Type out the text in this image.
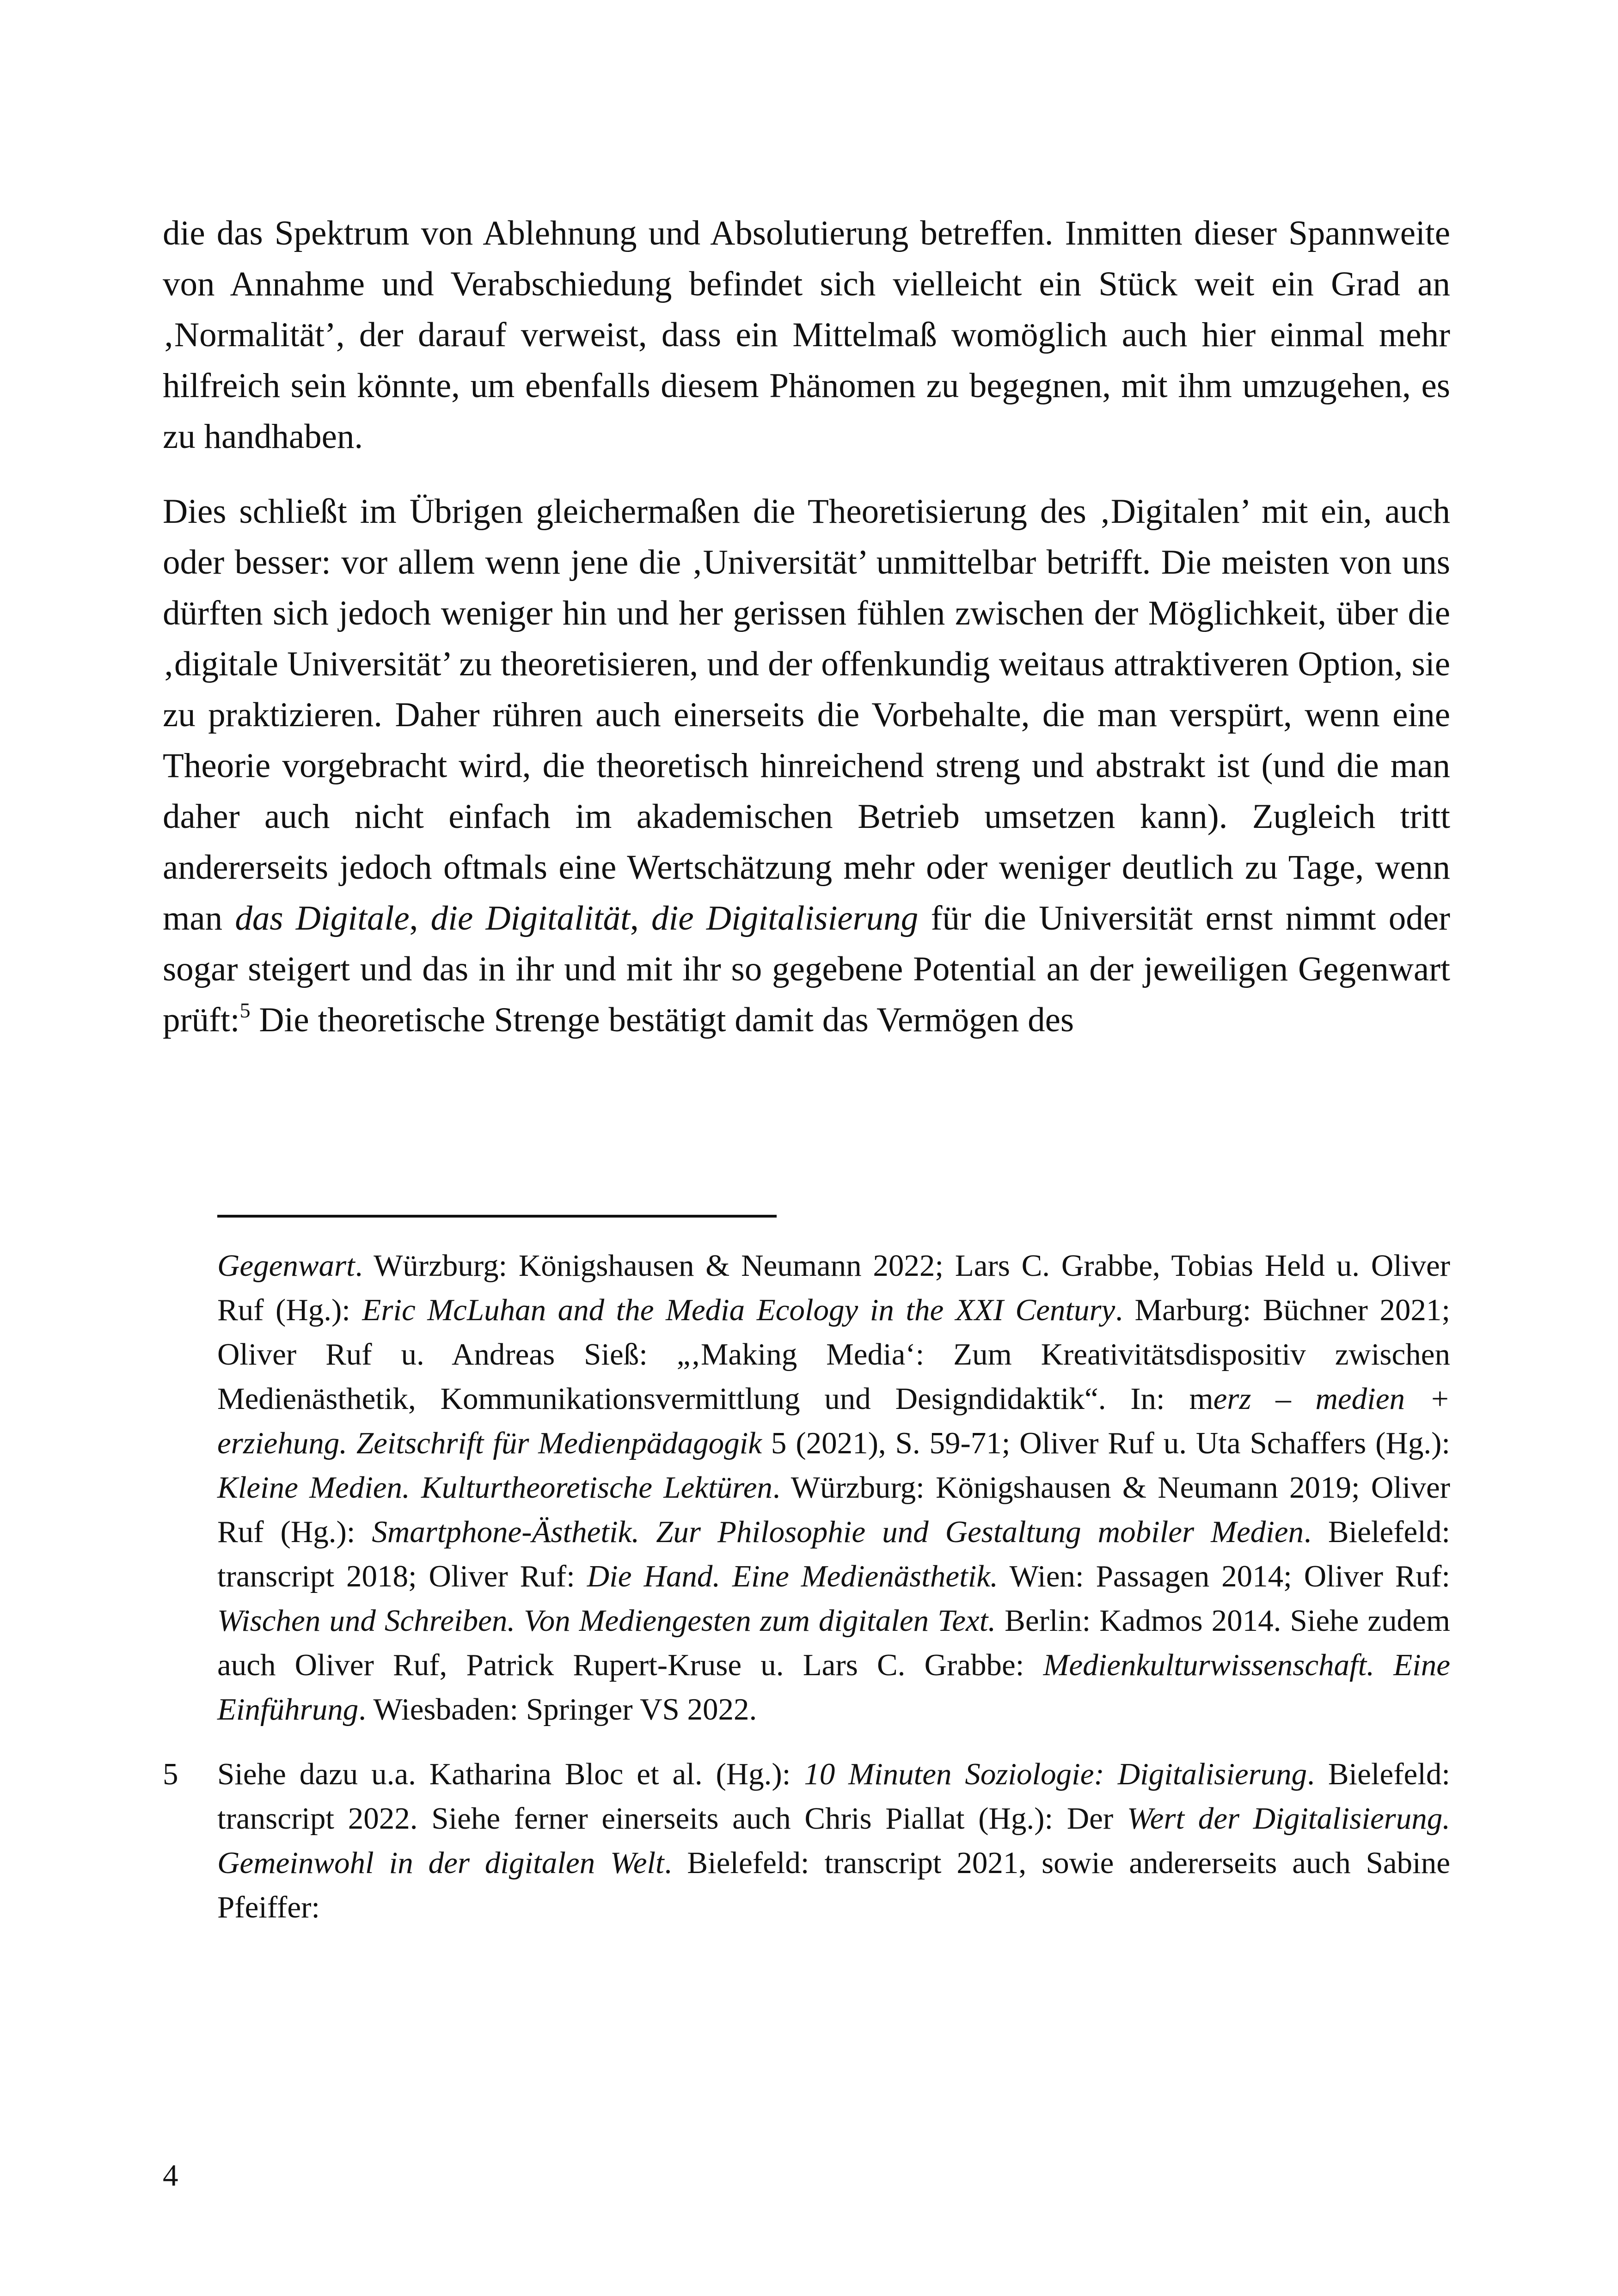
die das Spektrum von Ablehnung und Absolutierung betreffen. Inmitten dieser Spannweite von Annahme und Verabschiedung befindet sich vielleicht ein Stück weit ein Grad an ‚Normalität’, der darauf verweist, dass ein Mittelmaß womöglich auch hier einmal mehr hilfreich sein könnte, um ebenfalls diesem Phänomen zu begegnen, mit ihm umzugehen, es zu handhaben.

Dies schließt im Übrigen gleichermaßen die Theoretisierung des ‚Digitalen’ mit ein, auch oder besser: vor allem wenn jene die ‚Universität’ unmittelbar betrifft. Die meisten von uns dürften sich jedoch weniger hin und her gerissen fühlen zwischen der Möglichkeit, über die ‚digitale Universität’ zu theoretisieren, und der offenkundig weitaus attraktiveren Option, sie zu praktizieren. Daher rühren auch einerseits die Vorbehalte, die man verspürt, wenn eine Theorie vorgebracht wird, die theoretisch hinreichend streng und abstrakt ist (und die man daher auch nicht einfach im akademischen Betrieb umsetzen kann). Zugleich tritt andererseits jedoch oftmals eine Wertschätzung mehr oder weniger deutlich zu Tage, wenn man das Digitale, die Digitalität, die Digitalisierung für die Universität ernst nimmt oder sogar steigert und das in ihr und mit ihr so gegebene Potential an der jeweiligen Gegenwart prüft:$^5$ Die theoretische Strenge bestätigt damit das Vermögen des

Gegenwart. Würzburg: Königshausen & Neumann 2022; Lars C. Grabbe, Tobias Held u. Oliver Ruf (Hg.): Eric McLuhan and the Media Ecology in the XXI Century. Marburg: Büchner 2021; Oliver Ruf u. Andreas Sieß: „‚Making Media‘: Zum Kreativitätsdispositiv zwischen Medienästhetik, Kommunikationsvermittlung und Designdidaktik“. In: merz – medien + erziehung. Zeitschrift für Medienpädagogik 5 (2021), S. 59-71; Oliver Ruf u. Uta Schaffers (Hg.): Kleine Medien. Kulturtheoretische Lektüren. Würzburg: Königshausen & Neumann 2019; Oliver Ruf (Hg.): Smartphone-Ästhetik. Zur Philosophie und Gestaltung mobiler Medien. Bielefeld: transcript 2018; Oliver Ruf: Die Hand. Eine Medienästhetik. Wien: Passagen 2014; Oliver Ruf: Wischen und Schreiben. Von Mediengesten zum digitalen Text. Berlin: Kadmos 2014. Siehe zudem auch Oliver Ruf, Patrick Rupert-Kruse u. Lars C. Grabbe: Medienkulturwissenschaft. Eine Einführung. Wiesbaden: Springer VS 2022.
5 Siehe dazu u.a. Katharina Bloc et al. (Hg.): 10 Minuten Soziologie: Digitalisierung. Bielefeld: transcript 2022. Siehe ferner einerseits auch Chris Piallat (Hg.): Der Wert der Digitalisierung. Gemeinwohl in der digitalen Welt. Bielefeld: transcript 2021, sowie andererseits auch Sabine Pfeiffer:
4
